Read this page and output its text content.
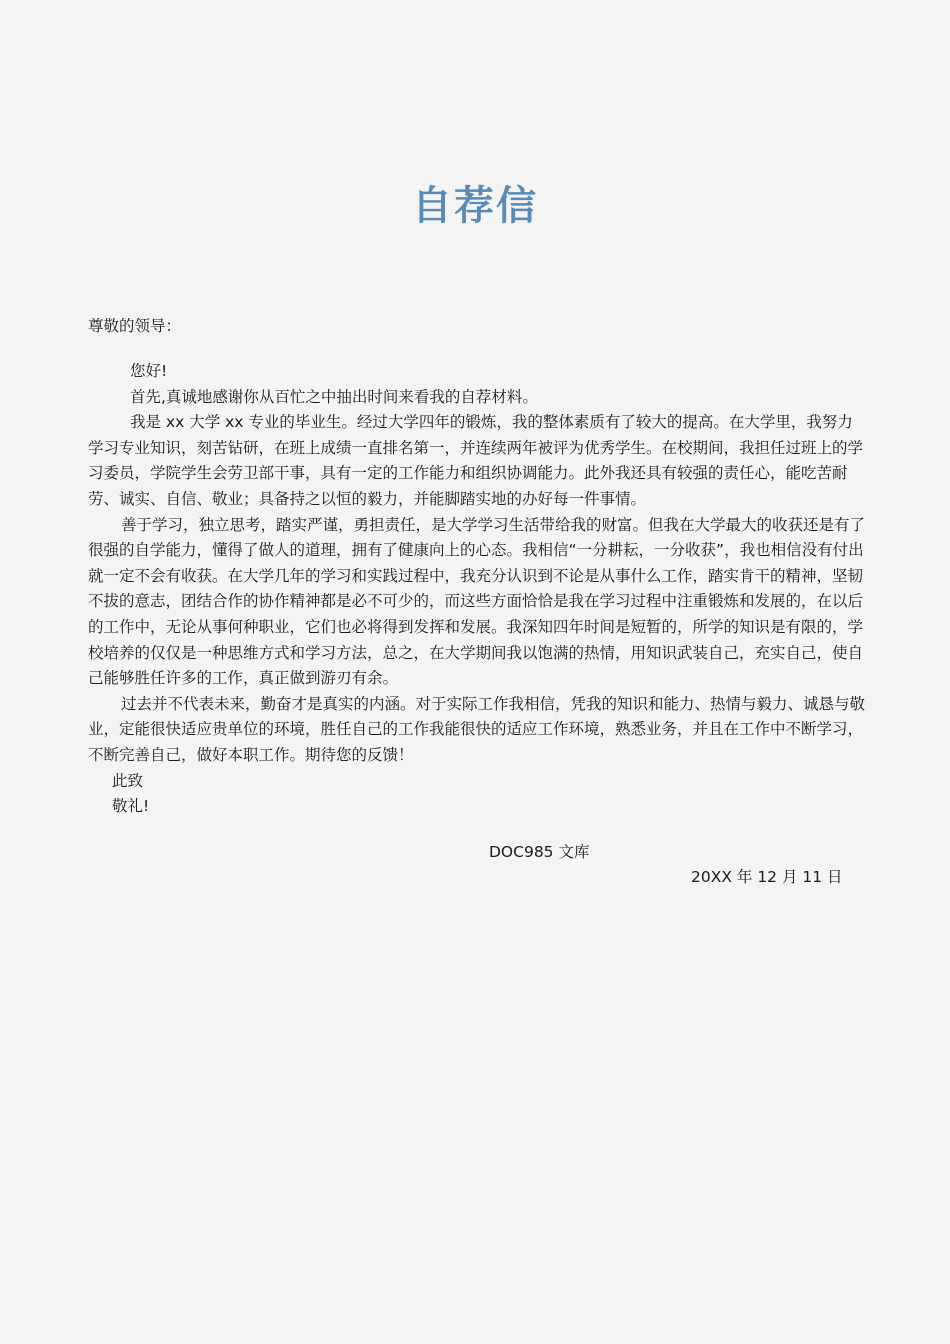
自荐信
尊敬的领导：

您好!

首先,真诚地感谢你从百忙之中抽出时间来看我的自荐材料。

我是 xx 大学 xx 专业的毕业生。经过大学四年的锻炼，我的整体素质有了较大的提高。在大学里，我努力学习专业知识，刻苦钻研，在班上成绩一直排名第一，并连续两年被评为优秀学生。在校期间，我担任过班上的学习委员，学院学生会劳卫部干事，具有一定的工作能力和组织协调能力。此外我还具有较强的责任心，能吃苦耐劳、诚实、自信、敬业；具备持之以恒的毅力，并能脚踏实地的办好每一件事情。

善于学习，独立思考，踏实严谨，勇担责任，是大学学习生活带给我的财富。但我在大学最大的收获还是有了很强的自学能力，懂得了做人的道理，拥有了健康向上的心态。我相信“一分耕耘，一分收获”，我也相信没有付出就一定不会有收获。在大学几年的学习和实践过程中，我充分认识到不论是从事什么工作，踏实肯干的精神，坚韧不拔的意志，团结合作的协作精神都是必不可少的，而这些方面恰恰是我在学习过程中注重锻炼和发展的，在以后的工作中，无论从事何种职业，它们也必将得到发挥和发展。我深知四年时间是短暂的，所学的知识是有限的，学校培养的仅仅是一种思维方式和学习方法，总之，在大学期间我以饱满的热情，用知识武装自己，充实自己，使自己能够胜任许多的工作，真正做到游刃有余。

过去并不代表未来，勤奋才是真实的内涵。对于实际工作我相信，凭我的知识和能力、热情与毅力、诚恳与敬业，定能很快适应贵单位的环境，胜任自己的工作我能很快的适应工作环境，熟悉业务，并且在工作中不断学习，不断完善自己，做好本职工作。期待您的反馈！

此致

敬礼!

DOC985 文库
20XX 年 12 月 11 日
